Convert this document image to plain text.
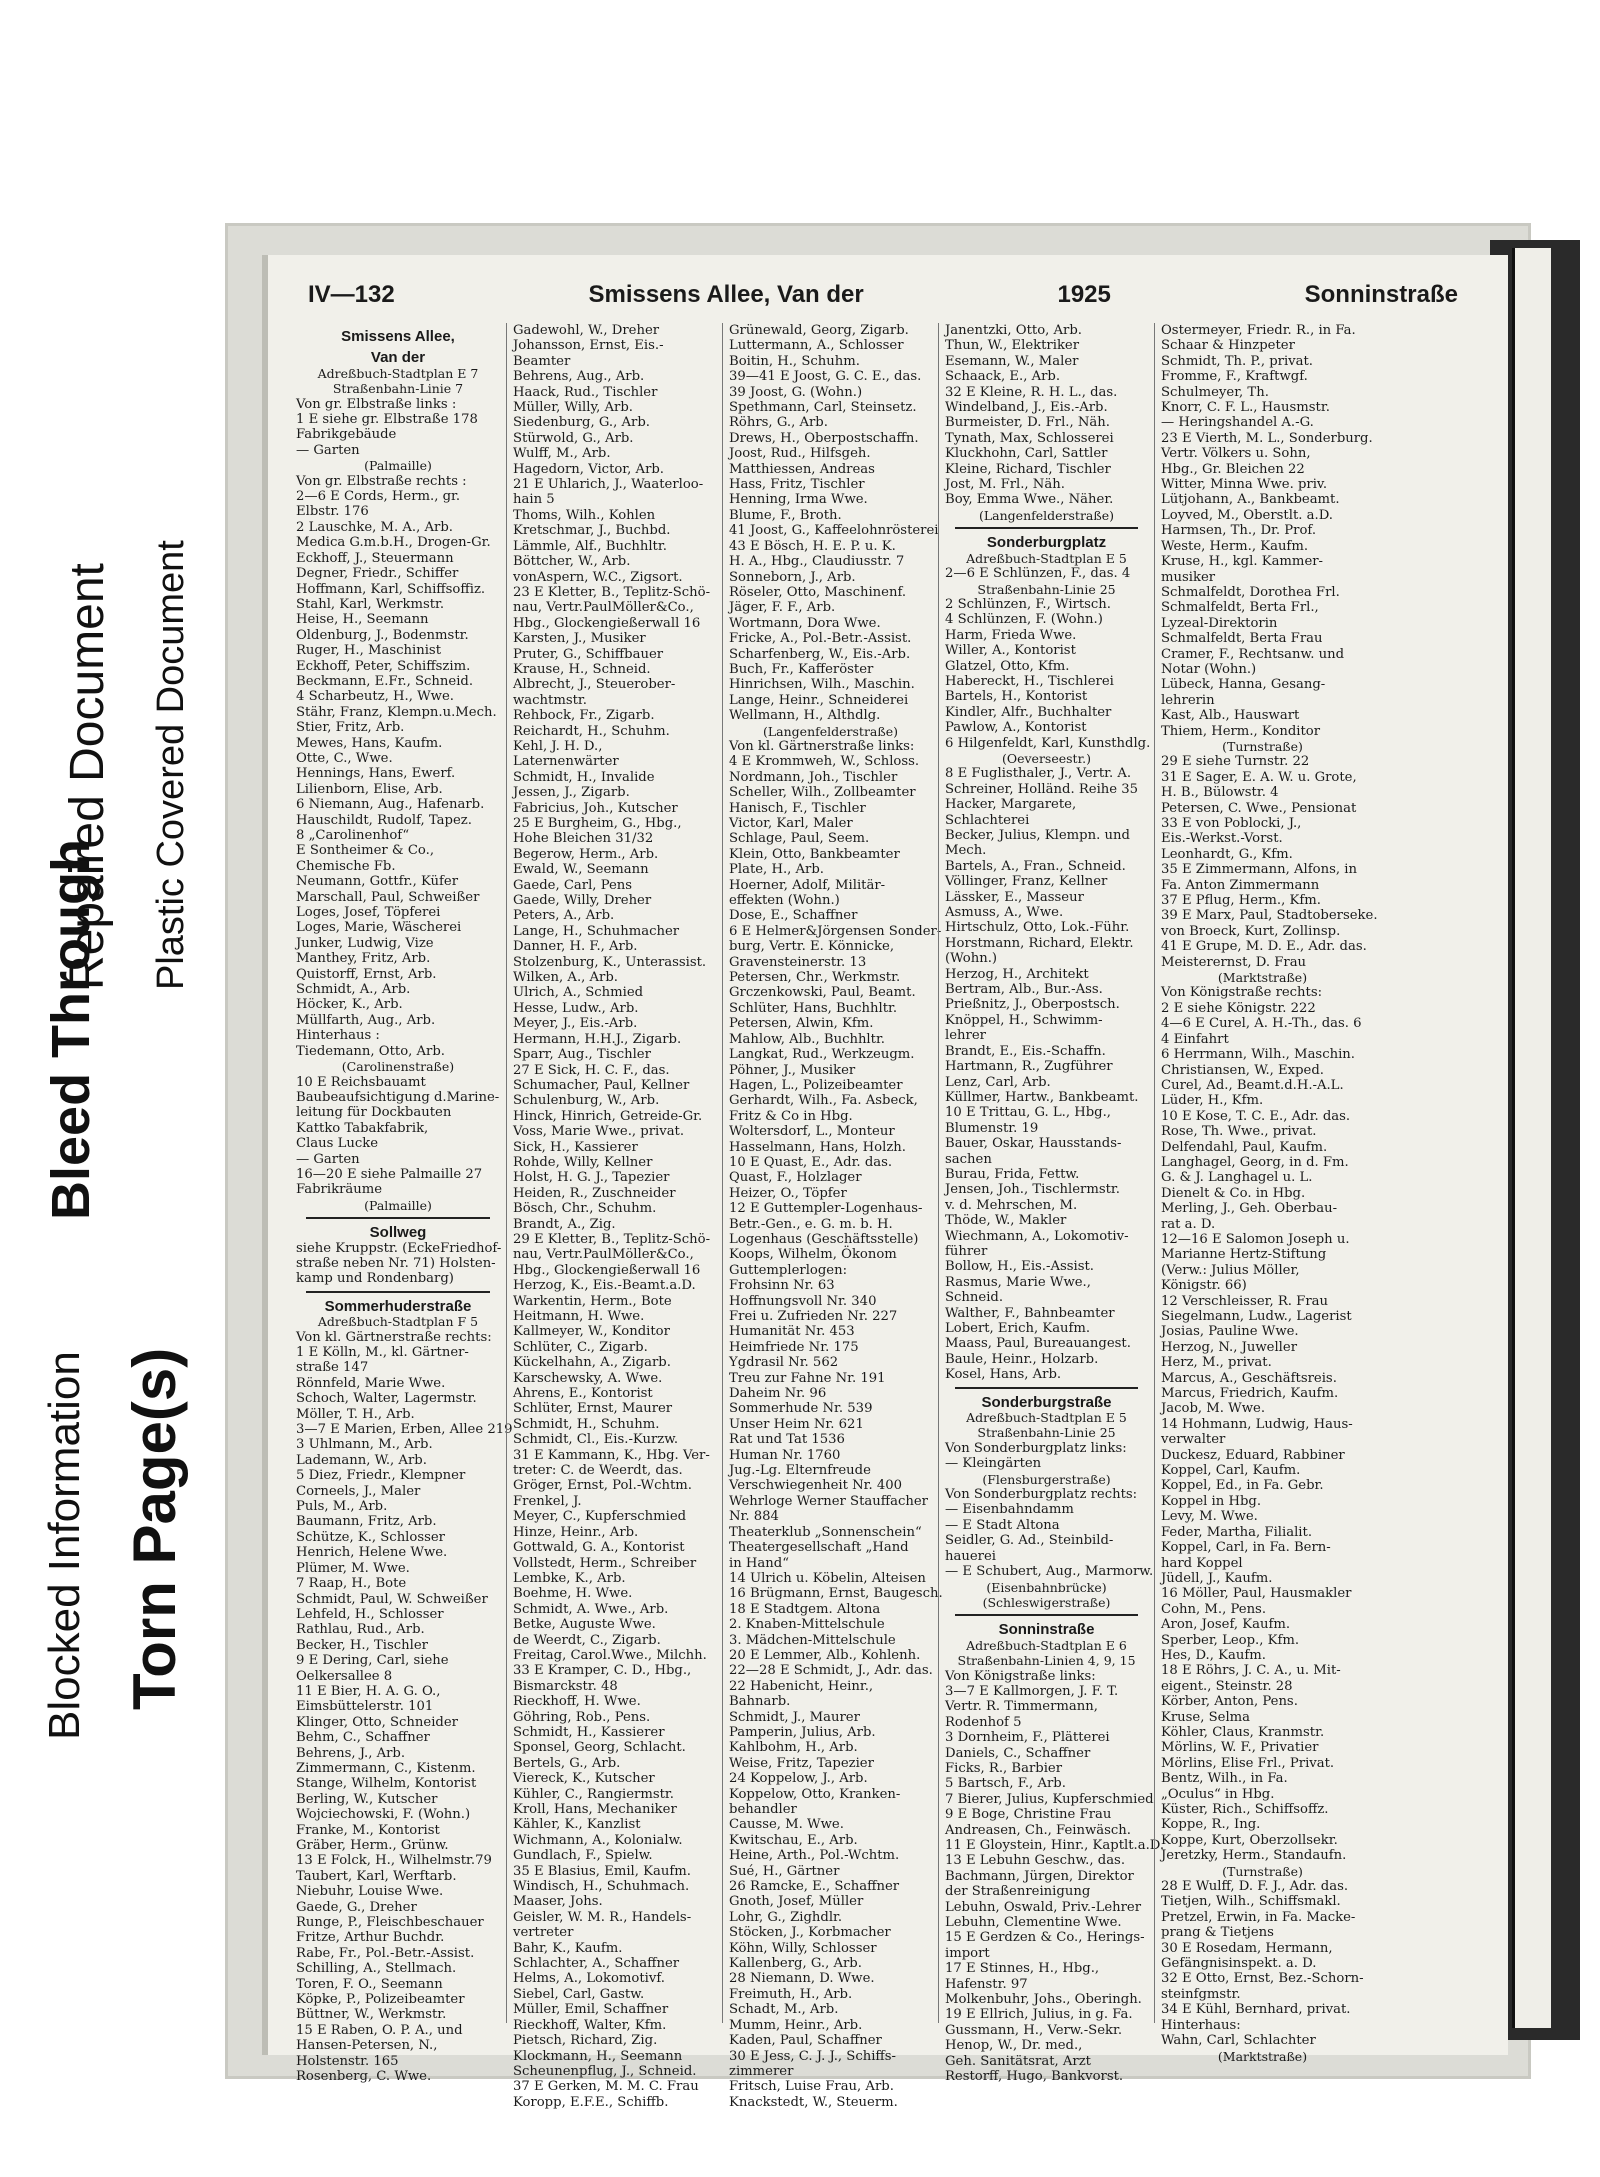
Repaired Document Plastic Covered Document
Bleed Through
Blocked Information Torn Page(s)
IV—132	Smissens Allee, Van der	1925	Sonninstraße
Smissens Allee,
Van der
Adreßbuch-Stadtplan E 7
Straßenbahn-Linie 7
Von gr. Elbstraße links :
1 E siehe gr. Elbstraße 178
Fabrikgebäude
— Garten
(Palmaille)
Von gr. Elbstraße rechts :
2—6 E Cords, Herm., gr.
Elbstr. 176
2 Lauschke, M. A., Arb.
Medica G.m.b.H., Drogen-Gr.
Eckhoff, J., Steuermann
Degner, Friedr., Schiffer
Hoffmann, Karl, Schiffsoffiz.
Stahl, Karl, Werkmstr.
Heise, H., Seemann
Oldenburg, J., Bodenmstr.
Ruger, H., Maschinist
Eckhoff, Peter, Schiffszim.
Beckmann, E.Fr., Schneid.
4 Scharbeutz, H., Wwe.
Stähr, Franz, Klempn.u.Mech.
Stier, Fritz, Arb.
Mewes, Hans, Kaufm.
Otte, C., Wwe.
Hennings, Hans, Ewerf.
Lilienborn, Elise, Arb.
6 Niemann, Aug., Hafenarb.
Hauschildt, Rudolf, Tapez.
8 „Carolinenhof“
E Sontheimer & Co.,
Chemische Fb.
Neumann, Gottfr., Küfer
Marschall, Paul, Schweißer
Loges, Josef, Töpferei
Loges, Marie, Wäscherei
Junker, Ludwig, Vize
Manthey, Fritz, Arb.
Quistorff, Ernst, Arb.
Schmidt, A., Arb.
Höcker, K., Arb.
Müllfarth, Aug., Arb.
Hinterhaus :
Tiedemann, Otto, Arb.
(Carolinenstraße)
10 E Reichsbauamt
Baubeaufsichtigung d.Marine-
leitung für Dockbauten
Kattko Tabakfabrik,
Claus Lucke
— Garten
16—20 E siehe Palmaille 27
Fabrikräume
(Palmaille)
Sollweg
siehe Kruppstr. (EckeFriedhof-
straße neben Nr. 71) Holsten-
kamp und Rondenbarg)
Sommerhuderstraße
Adreßbuch-Stadtplan F 5
Von kl. Gärtnerstraße rechts:
1 E Kölln, M., kl. Gärtner-
straße 147
Rönnfeld, Marie Wwe.
Schoch, Walter, Lagermstr.
Möller, T. H., Arb.
3—7 E Marien, Erben, Allee 219
3 Uhlmann, M., Arb.
Lademann, W., Arb.
5 Diez, Friedr., Klempner
Corneels, J., Maler
Puls, M., Arb.
Baumann, Fritz, Arb.
Schütze, K., Schlosser
Henrich, Helene Wwe.
Plümer, M. Wwe.
7 Raap, H., Bote
Schmidt, Paul, W. Schweißer
Lehfeld, H., Schlosser
Rathlau, Rud., Arb.
Becker, H., Tischler
9 E Dering, Carl, siehe
Oelkersallee 8
11 E Bier, H. A. G. O.,
Eimsbüttelerstr. 101
Klinger, Otto, Schneider
Behm, C., Schaffner
Behrens, J., Arb.
Zimmermann, C., Kistenm.
Stange, Wilhelm, Kontorist
Berling, W., Kutscher
Wojciechowski, F. (Wohn.)
Franke, M., Kontorist
Gräber, Herm., Grünw.
13 E Folck, H., Wilhelmstr.79
Taubert, Karl, Werftarb.
Niebuhr, Louise Wwe.
Gaede, G., Dreher
Runge, P., Fleischbeschauer
Fritze, Arthur Buchdr.
Rabe, Fr., Pol.-Betr.-Assist.
Schilling, A., Stellmach.
Toren, F. O., Seemann
Köpke, P., Polizeibeamter
Büttner, W., Werkmstr.
15 E Raben, O. P. A., und
Hansen-Petersen, N.,
Holstenstr. 165
Rosenberg, C. Wwe.
Gadewohl, W., Dreher
Johansson, Ernst, Eis.-
Beamter
Behrens, Aug., Arb.
Haack, Rud., Tischler
Müller, Willy, Arb.
Siedenburg, G., Arb.
Stürwold, G., Arb.
Wulff, M., Arb.
Hagedorn, Victor, Arb.
21 E Uhlarich, J., Waaterloo-
hain 5
Thoms, Wilh., Kohlen
Kretschmar, J., Buchbd.
Lämmle, Alf., Buchhltr.
Böttcher, W., Arb.
vonAspern, W.C., Zigsort.
23 E Kletter, B., Teplitz-Schö-
nau, Vertr.PaulMöller&Co.,
Hbg., Glockengießerwall 16
Karsten, J., Musiker
Pruter, G., Schiffbauer
Krause, H., Schneid.
Albrecht, J., Steuerober-
wachtmstr.
Rehbock, Fr., Zigarb.
Reichardt, H., Schuhm.
Kehl, J. H. D.,
Laternenwärter
Schmidt, H., Invalide
Jessen, J., Zigarb.
Fabricius, Joh., Kutscher
25 E Burgheim, G., Hbg.,
Hohe Bleichen 31/32
Begerow, Herm., Arb.
Ewald, W., Seemann
Gaede, Carl, Pens
Gaede, Willy, Dreher
Peters, A., Arb.
Lange, H., Schuhmacher
Danner, H. F., Arb.
Stolzenburg, K., Unterassist.
Wilken, A., Arb.
Ulrich, A., Schmied
Hesse, Ludw., Arb.
Meyer, J., Eis.-Arb.
Hermann, H.H.J., Zigarb.
Sparr, Aug., Tischler
27 E Sick, H. C. F., das.
Schumacher, Paul, Kellner
Schulenburg, W., Arb.
Hinck, Hinrich, Getreide-Gr.
Voss, Marie Wwe., privat.
Sick, H., Kassierer
Rohde, Willy, Kellner
Holst, H. G. J., Tapezier
Heiden, R., Zuschneider
Bösch, Chr., Schuhm.
Brandt, A., Zig.
29 E Kletter, B., Teplitz-Schö-
nau, Vertr.PaulMöller&Co.,
Hbg., Glockengießerwall 16
Herzog, K., Eis.-Beamt.a.D.
Warkentin, Herm., Bote
Heitmann, H. Wwe.
Kallmeyer, W., Konditor
Schlüter, C., Zigarb.
Kückelhahn, A., Zigarb.
Karschewsky, A. Wwe.
Ahrens, E., Kontorist
Schlüter, Ernst, Maurer
Schmidt, H., Schuhm.
Schmidt, Cl., Eis.-Kurzw.
31 E Kammann, K., Hbg. Ver-
treter: C. de Weerdt, das.
Gröger, Ernst, Pol.-Wchtm.
Frenkel, J.
Meyer, C., Kupferschmied
Hinze, Heinr., Arb.
Gottwald, G. A., Kontorist
Vollstedt, Herm., Schreiber
Lembke, K., Arb.
Boehme, H. Wwe.
Schmidt, A. Wwe., Arb.
Betke, Auguste Wwe.
de Weerdt, C., Zigarb.
Freitag, Carol.Wwe., Milchh.
33 E Kramper, C. D., Hbg.,
Bismarckstr. 48
Rieckhoff, H. Wwe.
Göhring, Rob., Pens.
Schmidt, H., Kassierer
Sponsel, Georg, Schlacht.
Bertels, G., Arb.
Viereck, K., Kutscher
Kühler, C., Rangiermstr.
Kroll, Hans, Mechaniker
Kähler, K., Kanzlist
Wichmann, A., Kolonialw.
Gundlach, F., Spielw.
35 E Blasius, Emil, Kaufm.
Windisch, H., Schuhmach.
Maaser, Johs.
Geisler, W. M. R., Handels-
vertreter
Bahr, K., Kaufm.
Schlachter, A., Schaffner
Helms, A., Lokomotivf.
Siebel, Carl, Gastw.
Müller, Emil, Schaffner
Rieckhoff, Walter, Kfm.
Pietsch, Richard, Zig.
Klockmann, H., Seemann
Scheunenpflug, J., Schneid.
37 E Gerken, M. M. C. Frau
Koropp, E.F.E., Schiffb.
Grünewald, Georg, Zigarb.
Luttermann, A., Schlosser
Boitin, H., Schuhm.
39—41 E Joost, G. C. E., das.
39 Joost, G. (Wohn.)
Spethmann, Carl, Steinsetz.
Röhrs, G., Arb.
Drews, H., Oberpostschaffn.
Joost, Rud., Hilfsgeh.
Matthiessen, Andreas
Hass, Fritz, Tischler
Henning, Irma Wwe.
Blume, F., Broth.
41 Joost, G., Kaffeelohnrösterei
43 E Bösch, H. E. P. u. K.
H. A., Hbg., Claudiusstr. 7
Sonneborn, J., Arb.
Röseler, Otto, Maschinenf.
Jäger, F. F., Arb.
Wortmann, Dora Wwe.
Fricke, A., Pol.-Betr.-Assist.
Scharfenberg, W., Eis.-Arb.
Buch, Fr., Kafferöster
Hinrichsen, Wilh., Maschin.
Lange, Heinr., Schneiderei
Wellmann, H., Althdlg.
(Langenfelderstraße)
Von kl. Gärtnerstraße links:
4 E Krommweh, W., Schloss.
Nordmann, Joh., Tischler
Scheller, Wilh., Zollbeamter
Hanisch, F., Tischler
Victor, Karl, Maler
Schlage, Paul, Seem.
Klein, Otto, Bankbeamter
Plate, H., Arb.
Hoerner, Adolf, Militär-
effekten (Wohn.)
Dose, E., Schaffner
6 E Helmer&Jörgensen Sonder-
burg, Vertr. E. Könnicke,
Gravensteinerstr. 13
Petersen, Chr., Werkmstr.
Grczenkowski, Paul, Beamt.
Schlüter, Hans, Buchhltr.
Petersen, Alwin, Kfm.
Mahlow, Alb., Buchhltr.
Langkat, Rud., Werkzeugm.
Pöhner, J., Musiker
Hagen, L., Polizeibeamter
Gerhardt, Wilh., Fa. Asbeck,
Fritz & Co in Hbg.
Woltersdorf, L., Monteur
Hasselmann, Hans, Holzh.
10 E Quast, E., Adr. das.
Quast, F., Holzlager
Heizer, O., Töpfer
12 E Guttempler-Logenhaus-
Betr.-Gen., e. G. m. b. H.
Logenhaus (Geschäftsstelle)
Koops, Wilhelm, Ökonom
Guttemplerlogen:
Frohsinn Nr. 63
Hoffnungsvoll Nr. 340
Frei u. Zufrieden Nr. 227
Humanität Nr. 453
Heimfriede Nr. 175
Ygdrasil Nr. 562
Treu zur Fahne Nr. 191
Daheim Nr. 96
Sommerhude Nr. 539
Unser Heim Nr. 621
Rat und Tat 1536
Human Nr. 1760
Jug.-Lg. Elternfreude
Verschwiegenheit Nr. 400
Wehrloge Werner Stauffacher
Nr. 884
Theaterklub „Sonnenschein“
Theatergesellschaft „Hand
in Hand“
14 Ulrich u. Köbelin, Alteisen
16 Brügmann, Ernst, Baugesch.
18 E Stadtgem. Altona
2. Knaben-Mittelschule
3. Mädchen-Mittelschule
20 E Lemmer, Alb., Kohlenh.
22—28 E Schmidt, J., Adr. das.
22 Habenicht, Heinr.,
Bahnarb.
Schmidt, J., Maurer
Pamperin, Julius, Arb.
Kahlbohm, H., Arb.
Weise, Fritz, Tapezier
24 Koppelow, J., Arb.
Koppelow, Otto, Kranken-
behandler
Causse, M. Wwe.
Kwitschau, E., Arb.
Heine, Arth., Pol.-Wchtm.
Sué, H., Gärtner
26 Ramcke, E., Schaffner
Gnoth, Josef, Müller
Lohr, G., Zighdlr.
Stöcken, J., Korbmacher
Köhn, Willy, Schlosser
Kallenberg, G., Arb.
28 Niemann, D. Wwe.
Freimuth, H., Arb.
Schadt, M., Arb.
Mumm, Heinr., Arb.
Kaden, Paul, Schaffner
30 E Jess, C. J. J., Schiffs-
zimmerer
Fritsch, Luise Frau, Arb.
Knackstedt, W., Steuerm.
Janentzki, Otto, Arb.
Thun, W., Elektriker
Esemann, W., Maler
Schaack, E., Arb.
32 E Kleine, R. H. L., das.
Windelband, J., Eis.-Arb.
Burmeister, D. Frl., Näh.
Tynath, Max, Schlosserei
Kluckhohn, Carl, Sattler
Kleine, Richard, Tischler
Jost, M. Frl., Näh.
Boy, Emma Wwe., Näher.
(Langenfelderstraße)
Sonderburgplatz
Adreßbuch-Stadtplan E 5
2—6 E Schlünzen, F., das. 4
Straßenbahn-Linie 25
2 Schlünzen, F., Wirtsch.
4 Schlünzen, F. (Wohn.)
Harm, Frieda Wwe.
Willer, A., Kontorist
Glatzel, Otto, Kfm.
Habereckt, H., Tischlerei
Bartels, H., Kontorist
Kindler, Alfr., Buchhalter
Pawlow, A., Kontorist
6 Hilgenfeldt, Karl, Kunsthdlg.
(Oeverseestr.)
8 E Fuglisthaler, J., Vertr. A.
Schreiner, Holländ. Reihe 35
Hacker, Margarete,
Schlachterei
Becker, Julius, Klempn. und
Mech.
Bartels, A., Fran., Schneid.
Völlinger, Franz, Kellner
Lässker, E., Masseur
Asmuss, A., Wwe.
Hirtschulz, Otto, Lok.-Führ.
Horstmann, Richard, Elektr.
(Wohn.)
Herzog, H., Architekt
Bertram, Alb., Bur.-Ass.
Prießnitz, J., Oberpostsch.
Knöppel, H., Schwimm-
lehrer
Brandt, E., Eis.-Schaffn.
Hartmann, R., Zugführer
Lenz, Carl, Arb.
Küllmer, Hartw., Bankbeamt.
10 E Trittau, G. L., Hbg.,
Blumenstr. 19
Bauer, Oskar, Hausstands-
sachen
Burau, Frida, Fettw.
Jensen, Joh., Tischlermstr.
v. d. Mehrschen, M.
Thöde, W., Makler
Wiechmann, A., Lokomotiv-
führer
Bollow, H., Eis.-Assist.
Rasmus, Marie Wwe.,
Schneid.
Walther, F., Bahnbeamter
Lobert, Erich, Kaufm.
Maass, Paul, Bureauangest.
Baule, Heinr., Holzarb.
Kosel, Hans, Arb.
Sonderburgstraße
Adreßbuch-Stadtplan E 5
Straßenbahn-Linie 25
Von Sonderburgplatz links:
— Kleingärten
(Flensburgerstraße)
Von Sonderburgplatz rechts:
— Eisenbahndamm
— E Stadt Altona
Seidler, G. Ad., Steinbild-
hauerei
— E Schubert, Aug., Marmorw.
(Eisenbahnbrücke)
(Schleswigerstraße)
Sonninstraße
Adreßbuch-Stadtplan E 6
Straßenbahn-Linien 4, 9, 15
Von Königstraße links:
3—7 E Kallmorgen, J. F. T.
Vertr. R. Timmermann,
Rodenhof 5
3 Dornheim, F., Plätterei
Daniels, C., Schaffner
Ficks, R., Barbier
5 Bartsch, F., Arb.
7 Bierer, Julius, Kupferschmied
9 E Boge, Christine Frau
Andreasen, Ch., Feinwäsch.
11 E Gloystein, Hinr., Kaptlt.a.D.
13 E Lebuhn Geschw., das.
Bachmann, Jürgen, Direktor
der Straßenreinigung
Lebuhn, Oswald, Priv.-Lehrer
Lebuhn, Clementine Wwe.
15 E Gerdzen & Co., Herings-
import
17 E Stinnes, H., Hbg.,
Hafenstr. 97
Molkenbuhr, Johs., Oberingh.
19 E Ellrich, Julius, in g. Fa.
Gussmann, H., Verw.-Sekr.
Henop, W., Dr. med.,
Geh. Sanitätsrat, Arzt
Restorff, Hugo, Bankvorst.
Ostermeyer, Friedr. R., in Fa.
Schaar & Hinzpeter
Schmidt, Th. P., privat.
Fromme, F., Kraftwgf.
Schulmeyer, Th.
Knorr, C. F. L., Hausmstr.
— Heringshandel A.-G.
23 E Vierth, M. L., Sonderburg.
Vertr. Völkers u. Sohn,
Hbg., Gr. Bleichen 22
Witter, Minna Wwe. priv.
Lütjohann, A., Bankbeamt.
Loyved, M., Oberstlt. a.D.
Harmsen, Th., Dr. Prof.
Weste, Herm., Kaufm.
Kruse, H., kgl. Kammer-
musiker
Schmalfeldt, Dorothea Frl.
Schmalfeldt, Berta Frl.,
Lyzeal-Direktorin
Schmalfeldt, Berta Frau
Cramer, F., Rechtsanw. und
Notar (Wohn.)
Lübeck, Hanna, Gesang-
lehrerin
Kast, Alb., Hauswart
Thiem, Herm., Konditor
(Turnstraße)
29 E siehe Turnstr. 22
31 E Sager, E. A. W. u. Grote,
H. B., Bülowstr. 4
Petersen, C. Wwe., Pensionat
33 E von Poblocki, J.,
Eis.-Werkst.-Vorst.
Leonhardt, G., Kfm.
35 E Zimmermann, Alfons, in
Fa. Anton Zimmermann
37 E Pflug, Herm., Kfm.
39 E Marx, Paul, Stadtoberseke.
von Broeck, Kurt, Zollinsp.
41 E Grupe, M. D. E., Adr. das.
Meisterernst, D. Frau
(Marktstraße)
Von Königstraße rechts:
2 E siehe Königstr. 222
4—6 E Curel, A. H.-Th., das. 6
4 Einfahrt
6 Herrmann, Wilh., Maschin.
Christiansen, W., Exped.
Curel, Ad., Beamt.d.H.-A.L.
Lüder, H., Kfm.
10 E Kose, T. C. E., Adr. das.
Rose, Th. Wwe., privat.
Delfendahl, Paul, Kaufm.
Langhagel, Georg, in d. Fm.
G. & J. Langhagel u. L.
Dienelt & Co. in Hbg.
Merling, J., Geh. Oberbau-
rat a. D.
12—16 E Salomon Joseph u.
Marianne Hertz-Stiftung
(Verw.: Julius Möller,
Königstr. 66)
12 Verschleisser, R. Frau
Siegelmann, Ludw., Lagerist
Josias, Pauline Wwe.
Herzog, N., Juweller
Herz, M., privat.
Marcus, A., Geschäftsreis.
Marcus, Friedrich, Kaufm.
Jacob, M. Wwe.
14 Hohmann, Ludwig, Haus-
verwalter
Duckesz, Eduard, Rabbiner
Koppel, Carl, Kaufm.
Koppel, Ed., in Fa. Gebr.
Koppel in Hbg.
Levy, M. Wwe.
Feder, Martha, Filialit.
Koppel, Carl, in Fa. Bern-
hard Koppel
Jüdell, J., Kaufm.
16 Möller, Paul, Hausmakler
Cohn, M., Pens.
Aron, Josef, Kaufm.
Sperber, Leop., Kfm.
Hes, D., Kaufm.
18 E Röhrs, J. C. A., u. Mit-
eigent., Steinstr. 28
Körber, Anton, Pens.
Kruse, Selma
Köhler, Claus, Kranmstr.
Mörlins, W. F., Privatier
Mörlins, Elise Frl., Privat.
Bentz, Wilh., in Fa.
„Oculus“ in Hbg.
Küster, Rich., Schiffsoffz.
Koppe, R., Ing.
Koppe, Kurt, Oberzollsekr.
Jeretzky, Herm., Standaufn.
(Turnstraße)
28 E Wulff, D. F. J., Adr. das.
Tietjen, Wilh., Schiffsmakl.
Pretzel, Erwin, in Fa. Macke-
prang & Tietjens
30 E Rosedam, Hermann,
Gefängnisinspekt. a. D.
32 E Otto, Ernst, Bez.-Schorn-
steinfgmstr.
34 E Kühl, Bernhard, privat.
Hinterhaus:
Wahn, Carl, Schlachter
(Marktstraße)
